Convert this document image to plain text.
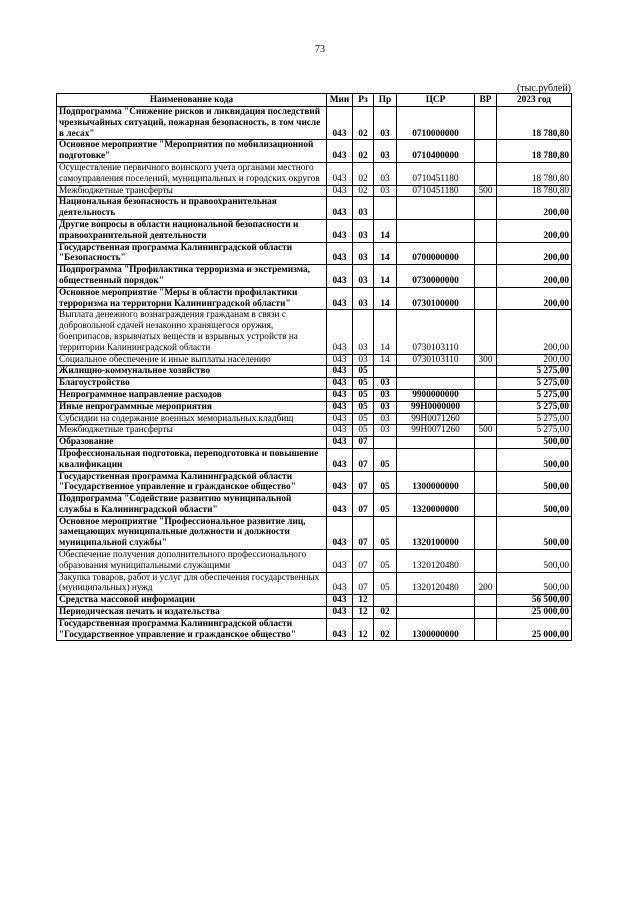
73
(тыс.рублей)
Наименование кода	Мин	Рз	Пр	ЦСР	ВР	2023 год
Подпрограмма "Снижение рисков и ликвидация последствий чрезвычайных ситуаций, пожарная безопасность, в том числе в лесах"	043	02	03	0710000000		18 780,80
Основное мероприятие "Мероприятия по мобилизационной подготовке"	043	02	03	0710400000		18 780,80
Осуществление первичного воинского учета органами местного самоуправления поселений, муниципальных и городских округов	043	02	03	0710451180		18 780,80
Межбюджетные трансферты	043	02	03	0710451180	500	18 780,80
Национальная безопасность и правоохранительная деятельность	043	03				200,00
Другие вопросы в области национальной безопасности и правоохранительной деятельности	043	03	14			200,00
Государственная программа Калининградской области "Безопасность"	043	03	14	0700000000		200,00
Подпрограмма "Профилактика терроризма и экстремизма, общественный порядок"	043	03	14	0730000000		200,00
Основное мероприятие "Меры в области профилактики терроризма на территории Калининградской области"	043	03	14	0730100000		200,00
Выплата денежного вознаграждения гражданам в связи с добровольной сдачей незаконно хранящегося оружия, боеприпасов, взрывчатых веществ и взрывных устройств на территории Калининградской области	043	03	14	0730103110		200,00
Социальное обеспечение и иные выплаты населению	043	03	14	0730103110	300	200,00
Жилищно-коммунальное хозяйство	043	05				5 275,00
Благоустройство	043	05	03			5 275,00
Непрограммное направление расходов	043	05	03	9900000000		5 275,00
Иные непрограммные мероприятия	043	05	03	99Н0000000		5 275,00
Субсидии на содержание военных мемориальных кладбищ	043	05	03	99Н0071260		5 275,00
Межбюджетные трансферты	043	05	03	99Н0071260	500	5 275,00
Образование	043	07				500,00
Профессиональная подготовка, переподготовка и повышение квалификации	043	07	05			500,00
Государственная программа Калининградской области "Государственное управление и гражданское общество"	043	07	05	1300000000		500,00
Подпрограмма "Содействие развитию муниципальной службы в Калининградской области"	043	07	05	1320000000		500,00
Основное мероприятие "Профессиональное развитие лиц, замещающих муниципальные должности и должности муниципальной службы"	043	07	05	1320100000		500,00
Обеспечение получения дополнительного профессионального образования муниципальными служащими	043	07	05	1320120480		500,00
Закупка товаров, работ и услуг для обеспечения государственных (муниципальных) нужд	043	07	05	1320120480	200	500,00
Средства массовой информации	043	12				56 500,00
Периодическая печать и издательства	043	12	02			25 000,00
Государственная программа Калининградской области "Государственное управление и гражданское общество"	043	12	02	1300000000		25 000,00
